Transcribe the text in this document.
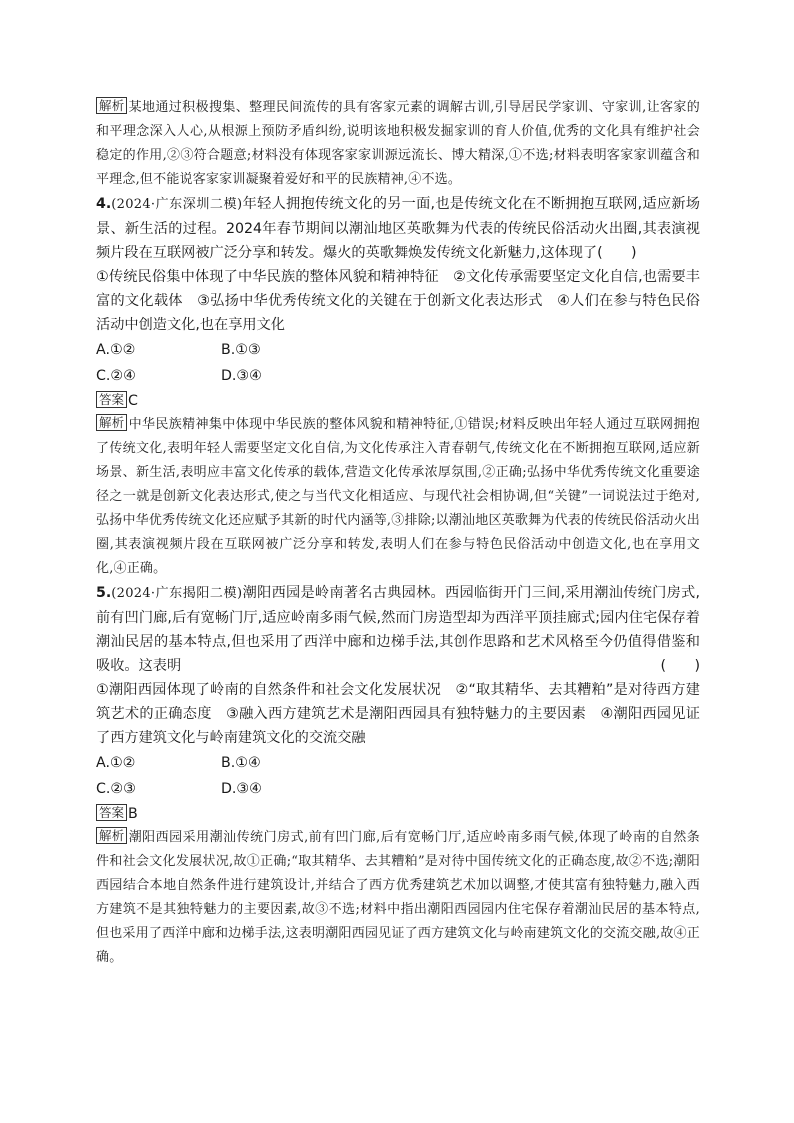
解析 某地通过积极搜集、整理民间流传的具有客家元素的调解古训,引导居民学家训、守家训,让客家的和平理念深入人心,从根源上预防矛盾纠纷,说明该地积极发掘家训的育人价值,优秀的文化具有维护社会稳定的作用,②③符合题意;材料没有体现客家家训源远流长、博大精深,①不选;材料表明客家家训蕴含和平理念,但不能说客家家训凝聚着爱好和平的民族精神,④不选。

4.(2024·广东深圳二模)年轻人拥抱传统文化的另一面,也是传统文化在不断拥抱互联网,适应新场景、新生活的过程。2024年春节期间以潮汕地区英歌舞为代表的传统民俗活动火出圈,其表演视频片段在互联网被广泛分享和转发。爆火的英歌舞焕发传统文化新魅力,这体现了(　　)

①传统民俗集中体现了中华民族的整体风貌和精神特征　②文化传承需要坚定文化自信,也需要丰富的文化载体　③弘扬中华优秀传统文化的关键在于创新文化表达形式　④人们在参与特色民俗活动中创造文化,也在享用文化

A.①②	B.①③
C.②④	D.③④

答案 C

解析 中华民族精神集中体现中华民族的整体风貌和精神特征,①错误;材料反映出年轻人通过互联网拥抱了传统文化,表明年轻人需要坚定文化自信,为文化传承注入青春朝气,传统文化在不断拥抱互联网,适应新场景、新生活,表明应丰富文化传承的载体,营造文化传承浓厚氛围,②正确;弘扬中华优秀传统文化重要途径之一就是创新文化表达形式,使之与当代文化相适应、与现代社会相协调,但“关键”一词说法过于绝对,弘扬中华优秀传统文化还应赋予其新的时代内涵等,③排除;以潮汕地区英歌舞为代表的传统民俗活动火出圈,其表演视频片段在互联网被广泛分享和转发,表明人们在参与特色民俗活动中创造文化,也在享用文化,④正确。

5.(2024·广东揭阳二模)潮阳西园是岭南著名古典园林。西园临街开门三间,采用潮汕传统门房式,前有凹门廊,后有宽畅门厅,适应岭南多雨气候,然而门房造型却为西洋平顶挂廊式;园内住宅保存着潮汕民居的基本特点,但也采用了西洋中廊和边梯手法,其创作思路和艺术风格至今仍值得借鉴和吸收。这表明	(　　)

①潮阳西园体现了岭南的自然条件和社会文化发展状况　②“取其精华、去其糟粕”是对待西方建筑艺术的正确态度　③融入西方建筑艺术是潮阳西园具有独特魅力的主要因素　④潮阳西园见证了西方建筑文化与岭南建筑文化的交流交融

A.①②	B.①④
C.②③	D.③④

答案 B

解析 潮阳西园采用潮汕传统门房式,前有凹门廊,后有宽畅门厅,适应岭南多雨气候,体现了岭南的自然条件和社会文化发展状况,故①正确;“取其精华、去其糟粕”是对待中国传统文化的正确态度,故②不选;潮阳西园结合本地自然条件进行建筑设计,并结合了西方优秀建筑艺术加以调整,才使其富有独特魅力,融入西方建筑不是其独特魅力的主要因素,故③不选;材料中指出潮阳西园园内住宅保存着潮汕民居的基本特点,但也采用了西洋中廊和边梯手法,这表明潮阳西园见证了西方建筑文化与岭南建筑文化的交流交融,故④正确。
